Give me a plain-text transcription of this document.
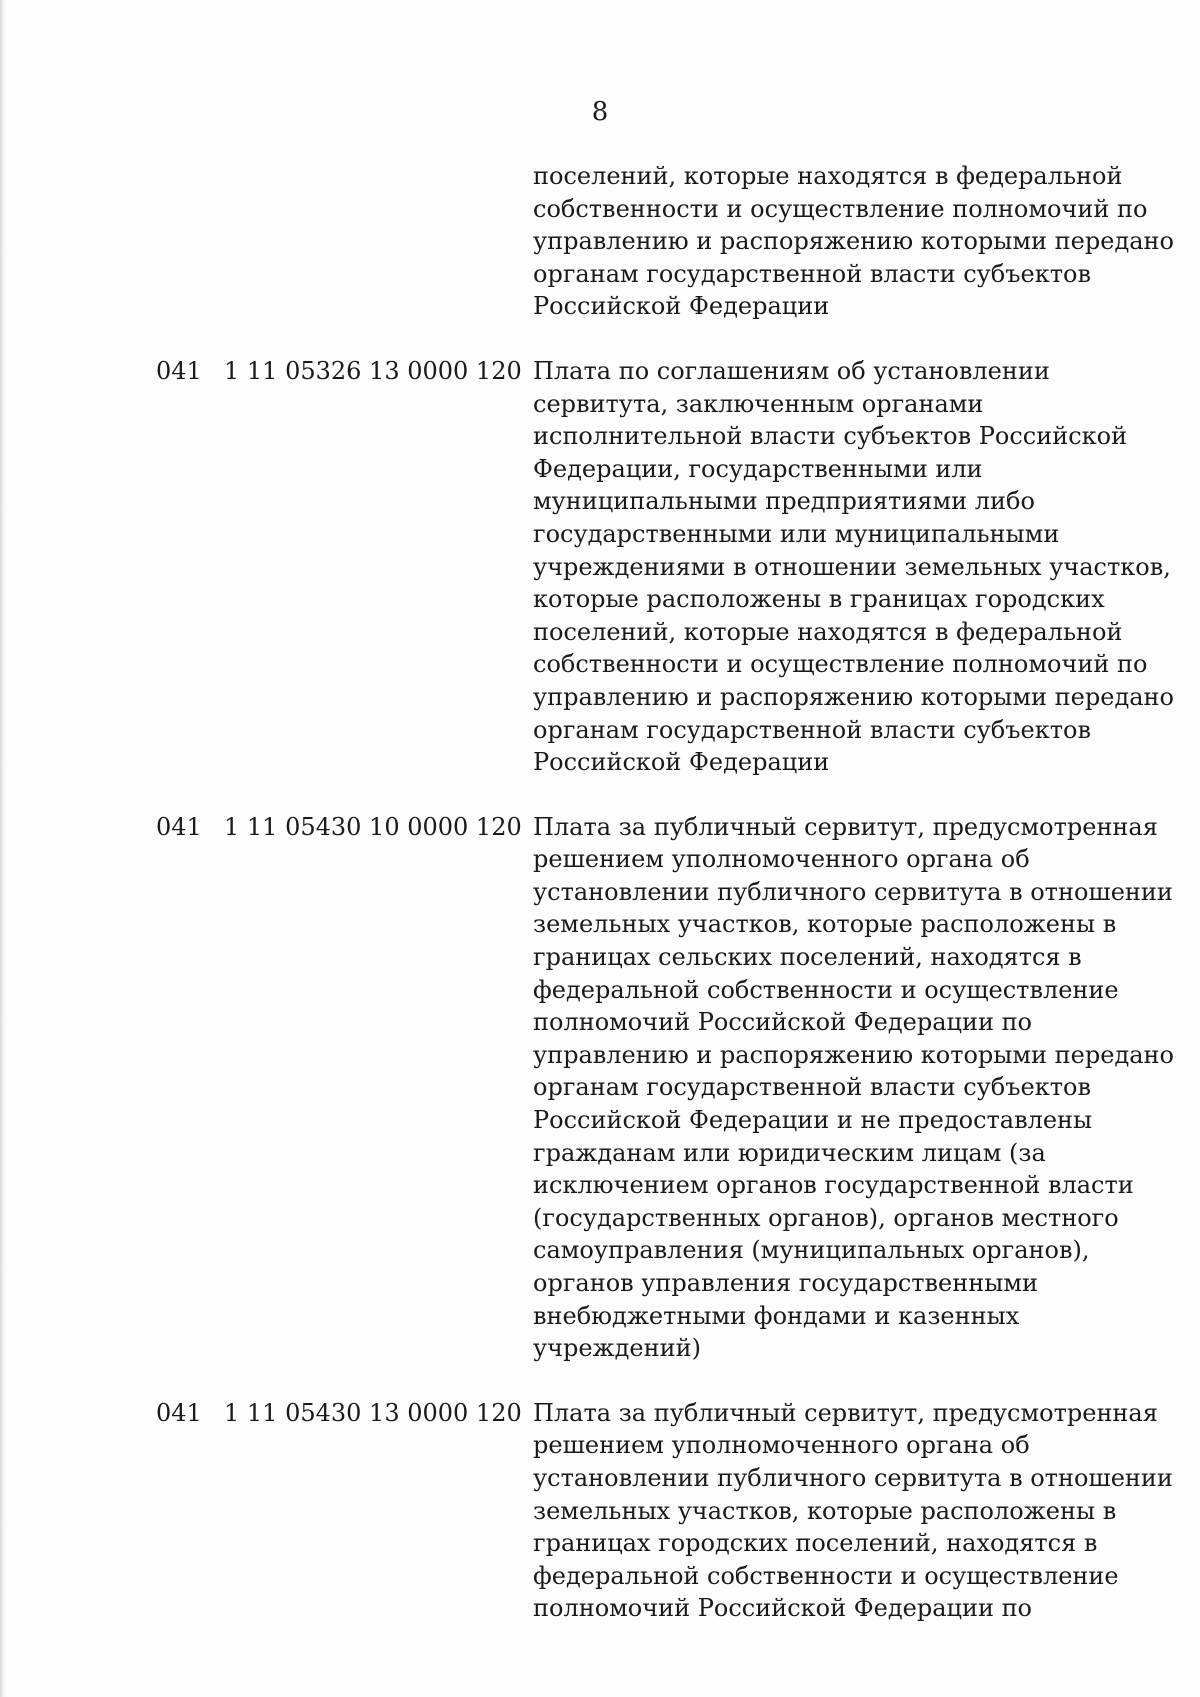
8
поселений, которые находятся в федеральной
собственности и осуществление полномочий по
управлению и распоряжению которыми передано
органам государственной власти субъектов
Российской Федерации
041 1 11 05326 13 0000 120 Плата по соглашениям об установлении
сервитута, заключенным органами
исполнительной власти субъектов Российской
Федерации, государственными или
муниципальными предприятиями либо
государственными или муниципальными
учреждениями в отношении земельных участков,
которые расположены в границах городских
поселений, которые находятся в федеральной
собственности и осуществление полномочий по
управлению и распоряжению которыми передано
органам государственной власти субъектов
Российской Федерации
041 1 11 05430 10 0000 120 Плата за публичный сервитут, предусмотренная
решением уполномоченного органа об
установлении публичного сервитута в отношении
земельных участков, которые расположены в
границах сельских поселений, находятся в
федеральной собственности и осуществление
полномочий Российской Федерации по
управлению и распоряжению которыми передано
органам государственной власти субъектов
Российской Федерации и не предоставлены
гражданам или юридическим лицам (за
исключением органов государственной власти
(государственных органов), органов местного
самоуправления (муниципальных органов),
органов управления государственными
внебюджетными фондами и казенных
учреждений)
041 1 11 05430 13 0000 120 Плата за публичный сервитут, предусмотренная
решением уполномоченного органа об
установлении публичного сервитута в отношении
земельных участков, которые расположены в
границах городских поселений, находятся в
федеральной собственности и осуществление
полномочий Российской Федерации по
